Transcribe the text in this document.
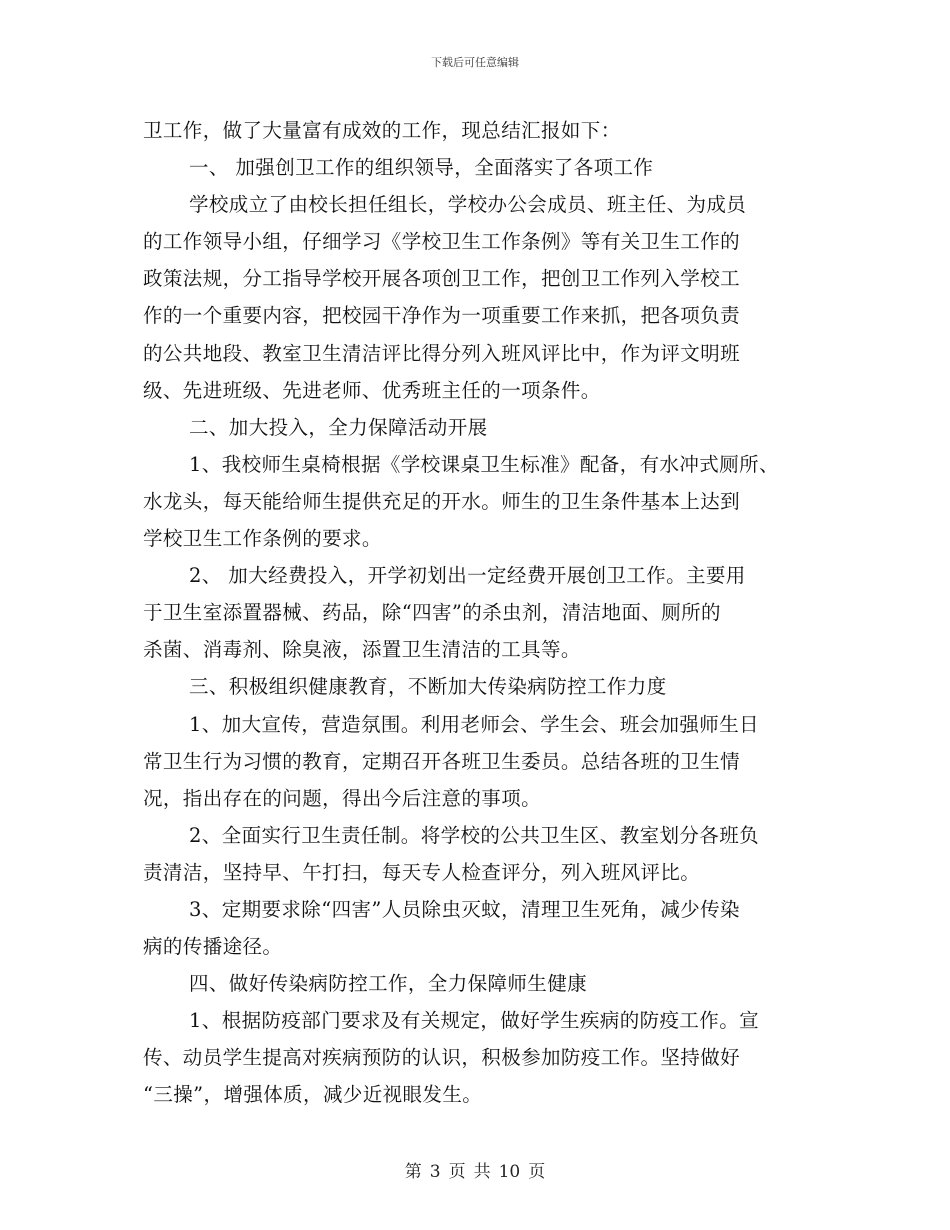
下载后可任意编辑
卫工作，做了大量富有成效的工作，现总结汇报如下：
一、 加强创卫工作的组织领导，全面落实了各项工作
学校成立了由校长担任组长，学校办公会成员、班主任、为成员
的工作领导小组，仔细学习《学校卫生工作条例》等有关卫生工作的
政策法规，分工指导学校开展各项创卫工作，把创卫工作列入学校工
作的一个重要内容，把校园干净作为一项重要工作来抓，把各项负责
的公共地段、教室卫生清洁评比得分列入班风评比中，作为评文明班
级、先进班级、先进老师、优秀班主任的一项条件。
二、加大投入，全力保障活动开展
1、我校师生桌椅根据《学校课桌卫生标准》配备，有水冲式厕所、
水龙头，每天能给师生提供充足的开水。师生的卫生条件基本上达到
学校卫生工作条例的要求。
2、 加大经费投入，开学初划出一定经费开展创卫工作。主要用
于卫生室添置器械、药品，除“四害”的杀虫剂，清洁地面、厕所的
杀菌、消毒剂、除臭液，添置卫生清洁的工具等。
三、积极组织健康教育，不断加大传染病防控工作力度
1、加大宣传，营造氛围。利用老师会、学生会、班会加强师生日
常卫生行为习惯的教育，定期召开各班卫生委员。总结各班的卫生情
况，指出存在的问题，得出今后注意的事项。
2、全面实行卫生责任制。将学校的公共卫生区、教室划分各班负
责清洁，坚持早、午打扫，每天专人检查评分，列入班风评比。
3、定期要求除“四害”人员除虫灭蚊，清理卫生死角，减少传染
病的传播途径。
四、做好传染病防控工作，全力保障师生健康
1、根据防疫部门要求及有关规定，做好学生疾病的防疫工作。宣
传、动员学生提高对疾病预防的认识，积极参加防疫工作。坚持做好
“三操”，增强体质，减少近视眼发生。
第 3 页 共 10 页
